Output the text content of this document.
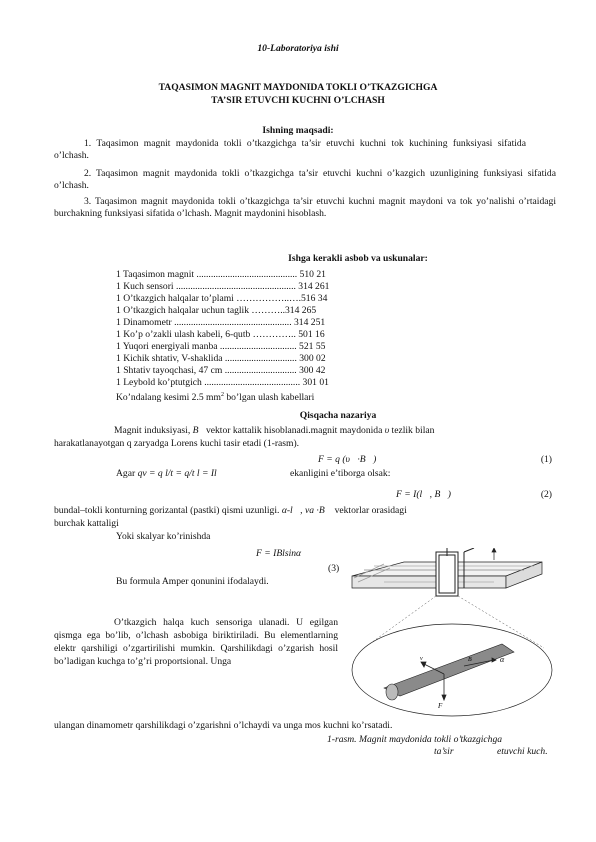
10-Laboratoriya ishi
TAQASIMON MAGNIT MAYDONIDA TOKLI O’TKAZGICHGA
TA’SIR ETUVCHI KUCHNI O’LCHASH
Ishning maqsadi:
1. Taqasimon magnit maydonida tokli o’tkazgichga ta’sir etuvchi kuchni tok kuchining funksiyasi sifatida o’lchash.
2. Taqasimon magnit maydonida tokli o’tkazgichga ta’sir etuvchi kuchni o’kazgich uzunligining funksiyasi sifatida o’lchash.
3. Taqasimon magnit maydonida tokli o’tkazgichga ta’sir etuvchi kuchni magnit maydoni va tok yo’nalishi o’rtaidagi burchakning funksiyasi sifatida o’lchash. Magnit maydonini hisoblash.
Ishga kerakli asbob va uskunalar:
1 Taqasimon magnit .......................................... 510 21
1 Kuch sensori .................................................. 314 261
1 O’tkazgich halqalar to’plami ……………..….516 34
1 O’tkazgich halqalar uchun taglik ………..314 265
1 Dinamometr ................................................. 314 251
1 Ko’p o’zakli ulash kabeli, 6-qutb ………….. 501 16
1 Yuqori energiyali manba ................................ 521 55
1 Kichik shtativ, V-shaklida .............................. 300 02
1 Shtativ tayoqchasi, 47 cm .............................. 300 42
1 Leybold ko’ptutgich ........................................ 301 01
Ko’ndalang kesimi 2.5 $mm^2$ bo’lgan ulash kabellari
Qisqacha nazariya
Magnit induksiyasi, B⃗vektor kattalik hisoblanadi.magnit maydonida υ tezlik bilan
harakatlanayotgan q zaryadga Lorens kuchi tasir etadi (1-rasm).
F = q (υ⃗·B⃗)	(1)
Agar qv = q l/t = q/t l = Il	ekanligini e’tiborga olsak:
F = I(l⃗, B⃗)	(2)
bundal–tokli konturning gorizantal (pastki) qismi uzunligi. α-l⃗, va ·B⃗ vektorlar orasidagi
burchak kattaligi
Yoki skalyar ko’rinishda
F = IBlsinα
(3)
Bu formula Amper qonunini ifodalaydi.
O’tkazgich halqa kuch sensoriga ulanadi. U egilgan qismga ega bo’lib, o’lchash asbobiga biriktiriladi. Bu elementlarning elektr qarshiligi o’zgartirilishi mumkin. Qarshilikdagi o’zgarish hosil bo’ladigan kuchga to’g’ri proportsional. Unga
ulangan dinamometr qarshilikdagi o’zgarishni o’lchaydi va unga mos kuchni ko’rsatadi.
F
v	α
B
1-rasm. Magnit maydonida tokli o’tkazgichga
ta’sir	etuvchi kuch.
